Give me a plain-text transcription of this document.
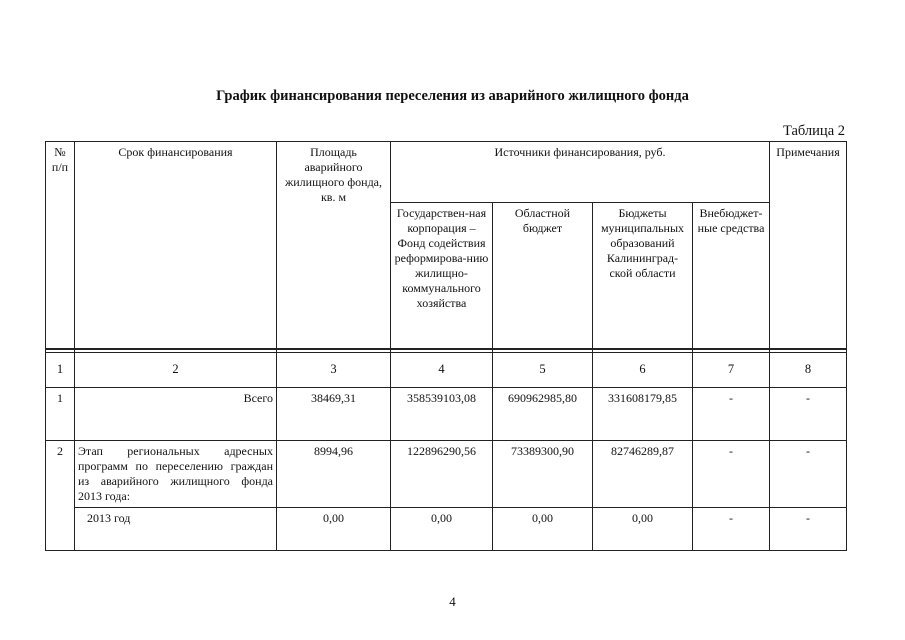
График финансирования переселения из аварийного жилищного фонда
Таблица 2
№ п/п	Срок финансирования	Площадь аварийного жилищного фонда, кв. м	Источники финансирования, руб.				Примечания
			Государствен-ная корпорация – Фонд содействия реформирова-нию жилищно-коммунального хозяйства	Областной бюджет	Бюджеты муниципальных образований Калининград-ской области	Внебюджет-ные средства	

1	2	3	4	5	6	7	8
1	Всего	38469,31	358539103,08	690962985,80	331608179,85	-	-
2	Этап региональных адресных программ по переселению граждан из аварийного жилищного фонда 2013 года:	8994,96	122896290,56	73389300,90	82746289,87	-	-
	2013 год	0,00	0,00	0,00	0,00	-	-
4
